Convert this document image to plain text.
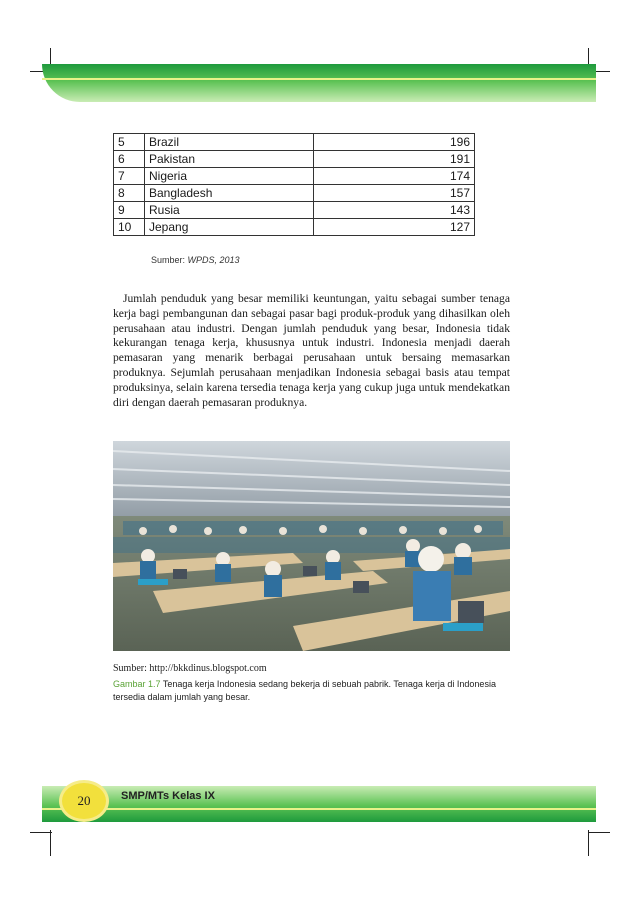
5	Brazil	196
6	Pakistan	191
7	Nigeria	174
8	Bangladesh	157
9	Rusia	143
10	Jepang	127
Sumber: WPDS, 2013

Jumlah penduduk yang besar memiliki keuntungan, yaitu sebagai sumber tenaga kerja bagi pembangunan dan sebagai pasar bagi produk-produk yang dihasilkan oleh perusahaan atau industri. Dengan jumlah penduduk yang besar, Indonesia tidak kekurangan tenaga kerja, khususnya untuk industri. Indonesia menjadi daerah pemasaran yang menarik berbagai perusahaan untuk bersaing memasarkan produknya. Sejumlah perusahaan menjadikan Indonesia sebagai basis atau tempat produksinya, selain karena tersedia tenaga kerja yang cukup juga untuk mendekatkan diri dengan daerah pemasaran produknya.

Sumber: http://bkkdinus.blogspot.com
Gambar 1.7 Tenaga kerja Indonesia sedang bekerja di sebuah pabrik. Tenaga kerja di Indonesia tersedia dalam jumlah yang besar.
20	SMP/MTs Kelas IX
